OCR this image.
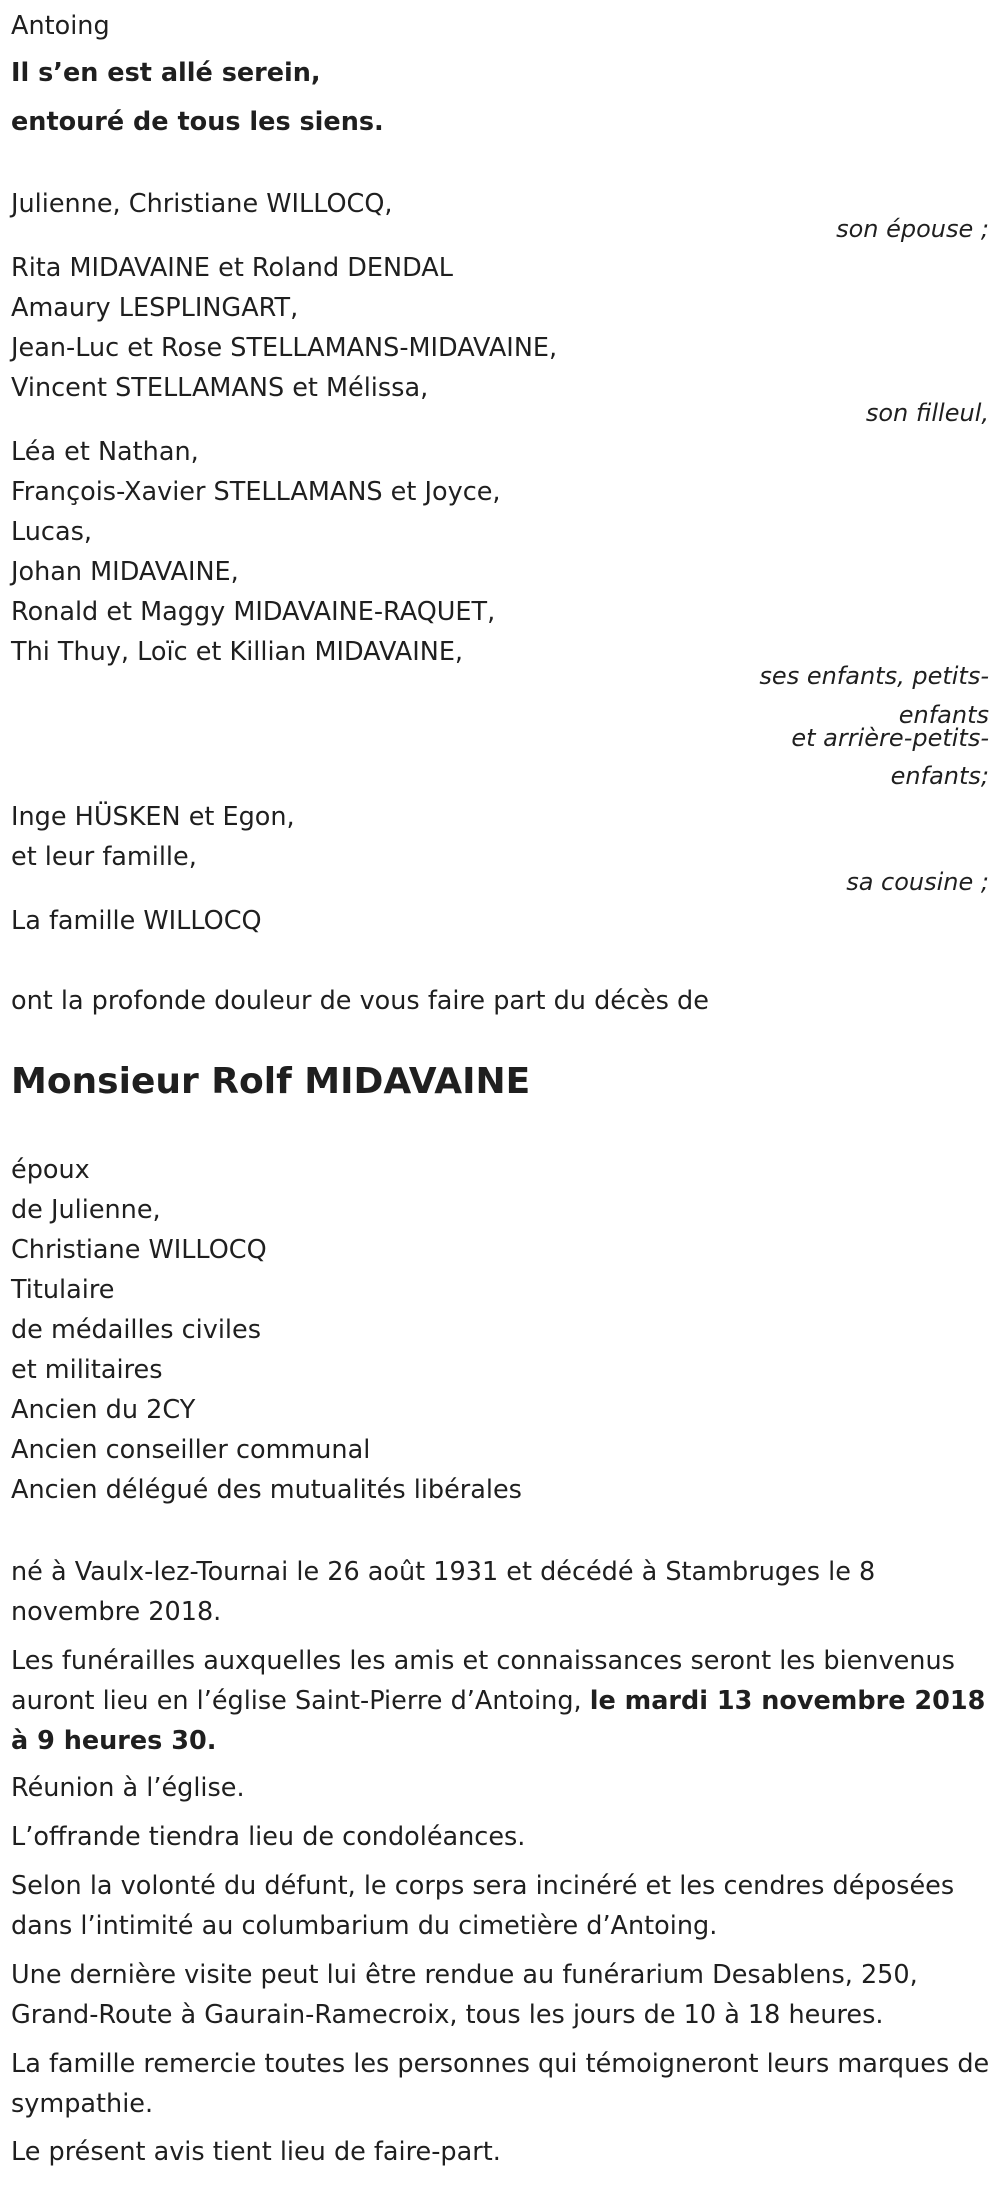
Antoing
Il s’en est allé serein,
entouré de tous les siens.
Julienne, Christiane WILLOCQ,
son épouse ;
Rita MIDAVAINE et Roland DENDAL
Amaury LESPLINGART,
Jean-Luc et Rose STELLAMANS-MIDAVAINE,
Vincent STELLAMANS et Mélissa,
son filleul,
Léa et Nathan,
François-Xavier STELLAMANS et Joyce,
Lucas,
Johan MIDAVAINE,
Ronald et Maggy MIDAVAINE-RAQUET,
Thi Thuy, Loïc et Killian MIDAVAINE,
ses enfants, petits-
enfants
et arrière-petits-
enfants;
Inge HÜSKEN et Egon,
et leur famille,
sa cousine ;
La famille WILLOCQ
ont la profonde douleur de vous faire part du décès de
Monsieur Rolf MIDAVAINE
époux
de Julienne,
Christiane WILLOCQ
Titulaire
de médailles civiles
et militaires
Ancien du 2CY
Ancien conseiller communal
Ancien délégué des mutualités libérales
né à Vaulx-lez-Tournai le 26 août 1931 et décédé à Stambruges le 8 novembre 2018.
Les funérailles auxquelles les amis et connaissances seront les bienvenus auront lieu en l’église Saint-Pierre d’Antoing, le mardi 13 novembre 2018 à 9 heures 30.
Réunion à l’église.
L’offrande tiendra lieu de condoléances.
Selon la volonté du défunt, le corps sera incinéré et les cendres déposées dans l’intimité au columbarium du cimetière d’Antoing.
Une dernière visite peut lui être rendue au funérarium Desablens, 250, Grand-Route à Gaurain-Ramecroix, tous les jours de 10 à 18 heures.
La famille remercie toutes les personnes qui témoigneront leurs marques de sympathie.
Le présent avis tient lieu de faire-part.
